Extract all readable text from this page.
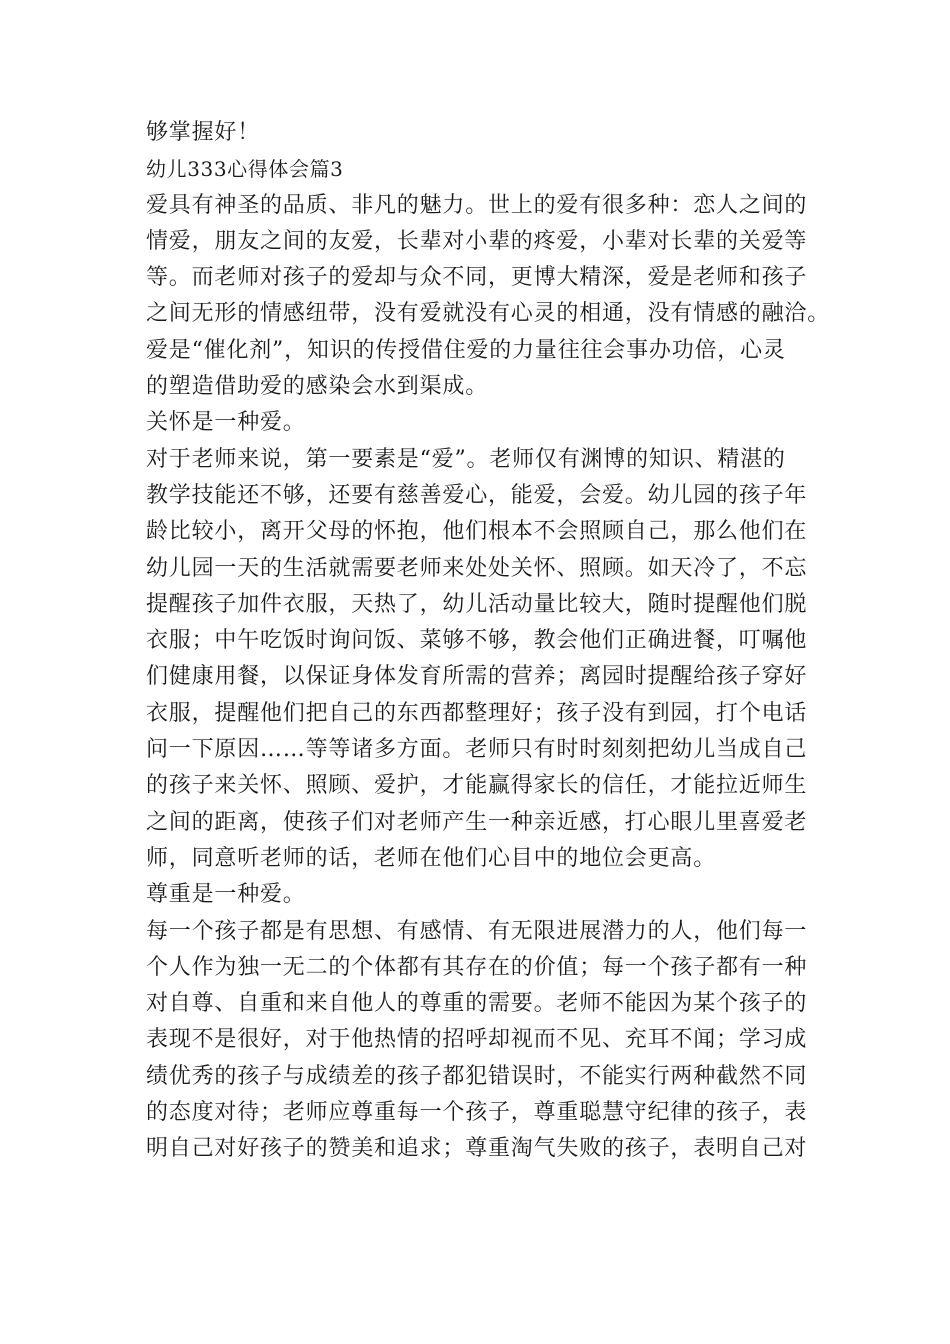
够掌握好！
幼儿333心得体会篇3
爱具有神圣的品质、非凡的魅力。世上的爱有很多种：恋人之间的
情爱，朋友之间的友爱，长辈对小辈的疼爱，小辈对长辈的关爱等
等。而老师对孩子的爱却与众不同，更博大精深，爱是老师和孩子
之间无形的情感纽带，没有爱就没有心灵的相通，没有情感的融洽。
爱是“催化剂”，知识的传授借住爱的力量往往会事办功倍，心灵
的塑造借助爱的感染会水到渠成。
关怀是一种爱。
对于老师来说，第一要素是“爱”。老师仅有渊博的知识、精湛的
教学技能还不够，还要有慈善爱心，能爱，会爱。幼儿园的孩子年
龄比较小，离开父母的怀抱，他们根本不会照顾自己，那么他们在
幼儿园一天的生活就需要老师来处处关怀、照顾。如天冷了，不忘
提醒孩子加件衣服，天热了，幼儿活动量比较大，随时提醒他们脱
衣服；中午吃饭时询问饭、菜够不够，教会他们正确进餐，叮嘱他
们健康用餐，以保证身体发育所需的营养；离园时提醒给孩子穿好
衣服，提醒他们把自己的东西都整理好；孩子没有到园，打个电话
问一下原因……等等诸多方面。老师只有时时刻刻把幼儿当成自己
的孩子来关怀、照顾、爱护，才能赢得家长的信任，才能拉近师生
之间的距离，使孩子们对老师产生一种亲近感，打心眼儿里喜爱老
师，同意听老师的话，老师在他们心目中的地位会更高。
尊重是一种爱。
每一个孩子都是有思想、有感情、有无限进展潜力的人，他们每一
个人作为独一无二的个体都有其存在的价值；每一个孩子都有一种
对自尊、自重和来自他人的尊重的需要。老师不能因为某个孩子的
表现不是很好，对于他热情的招呼却视而不见、充耳不闻；学习成
绩优秀的孩子与成绩差的孩子都犯错误时，不能实行两种截然不同
的态度对待；老师应尊重每一个孩子，尊重聪慧守纪律的孩子，表
明自己对好孩子的赞美和追求；尊重淘气失败的孩子，表明自己对
